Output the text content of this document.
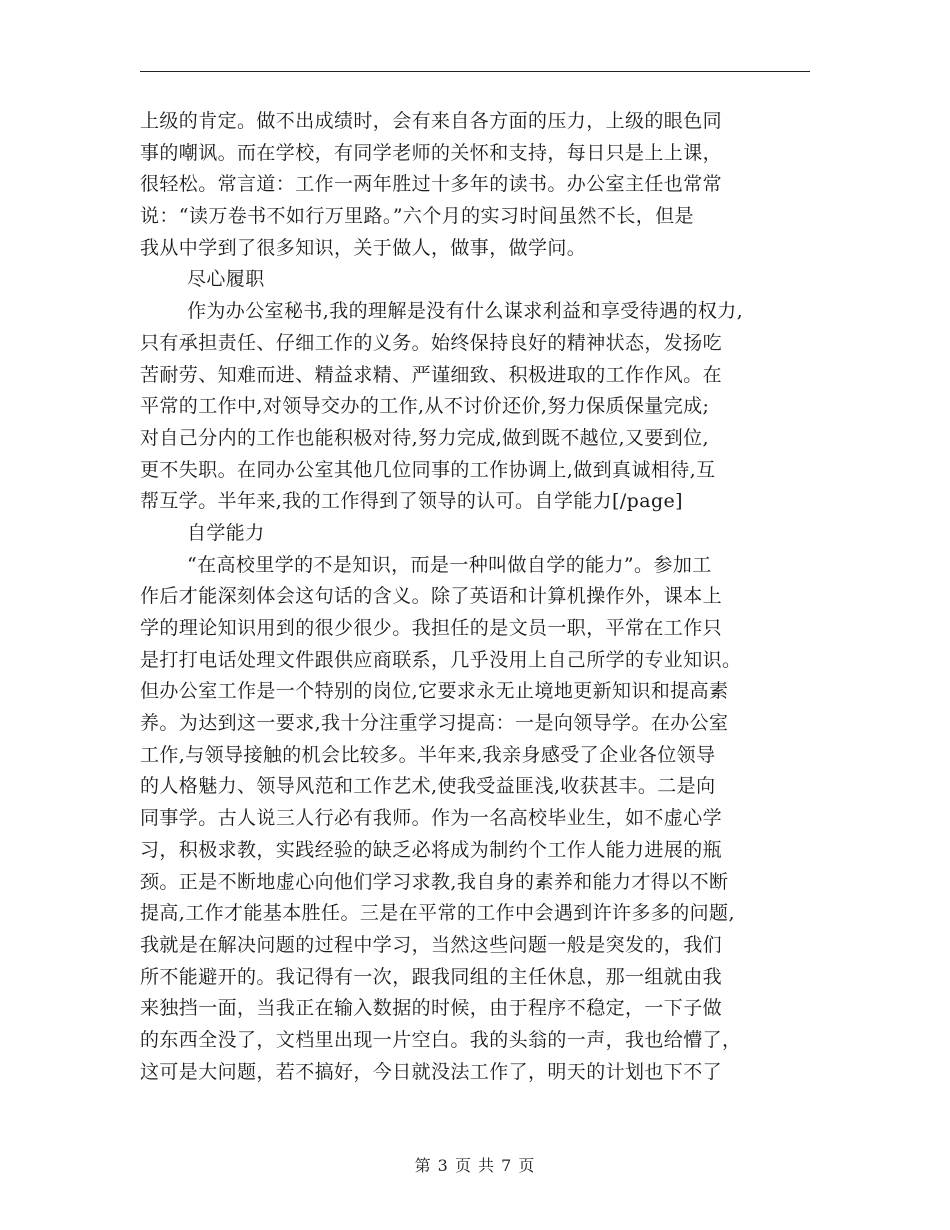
上级的肯定。做不出成绩时，会有来自各方面的压力，上级的眼色同
事的嘲讽。而在学校，有同学老师的关怀和支持，每日只是上上课，
很轻松。常言道：工作一两年胜过十多年的读书。办公室主任也常常
说：“读万卷书不如行万里路。”六个月的实习时间虽然不长，但是
我从中学到了很多知识，关于做人，做事，做学问。
尽心履职
作为办公室秘书,我的理解是没有什么谋求利益和享受待遇的权力,
只有承担责任、仔细工作的义务。始终保持良好的精神状态，发扬吃
苦耐劳、知难而进、精益求精、严谨细致、积极进取的工作作风。在
平常的工作中,对领导交办的工作,从不讨价还价,努力保质保量完成;
对自己分内的工作也能积极对待,努力完成,做到既不越位,又要到位,
更不失职。在同办公室其他几位同事的工作协调上,做到真诚相待,互
帮互学。半年来,我的工作得到了领导的认可。自学能力[/page]
自学能力
“在高校里学的不是知识，而是一种叫做自学的能力”。参加工
作后才能深刻体会这句话的含义。除了英语和计算机操作外，课本上
学的理论知识用到的很少很少。我担任的是文员一职，平常在工作只
是打打电话处理文件跟供应商联系，几乎没用上自己所学的专业知识。
但办公室工作是一个特别的岗位,它要求永无止境地更新知识和提高素
养。为达到这一要求,我十分注重学习提高：一是向领导学。在办公室
工作,与领导接触的机会比较多。半年来,我亲身感受了企业各位领导
的人格魅力、领导风范和工作艺术,使我受益匪浅,收获甚丰。二是向
同事学。古人说三人行必有我师。作为一名高校毕业生，如不虚心学
习，积极求教，实践经验的缺乏必将成为制约个工作人能力进展的瓶
颈。正是不断地虚心向他们学习求教,我自身的素养和能力才得以不断
提高,工作才能基本胜任。三是在平常的工作中会遇到许许多多的问题,
我就是在解决问题的过程中学习，当然这些问题一般是突发的，我们
所不能避开的。我记得有一次，跟我同组的主任休息，那一组就由我
来独挡一面，当我正在输入数据的时候，由于程序不稳定，一下子做
的东西全没了，文档里出现一片空白。我的头翁的一声，我也给懵了，
这可是大问题，若不搞好，今日就没法工作了，明天的计划也下不了
第 3 页 共 7 页
